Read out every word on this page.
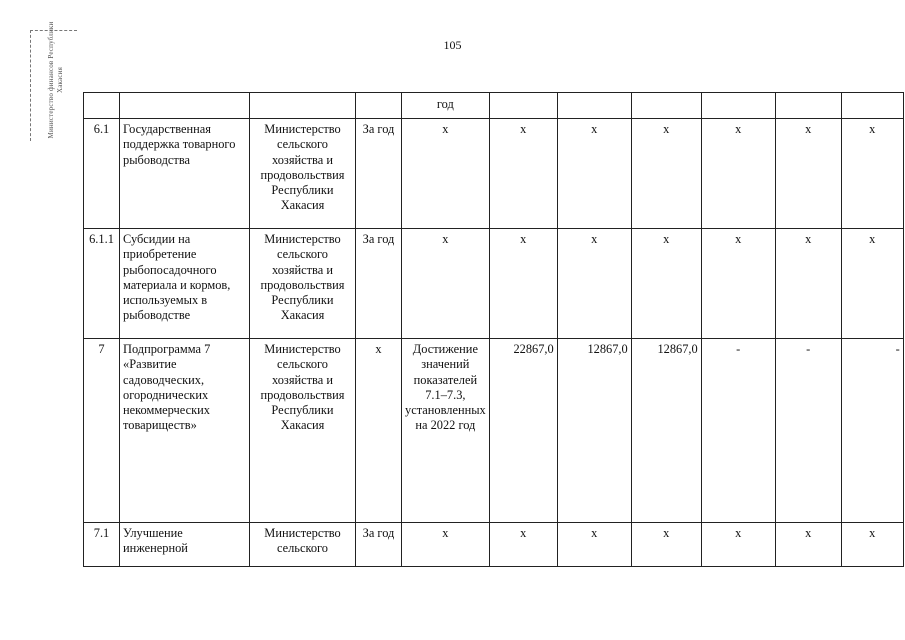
105
Министерство финансов Республики Хакасия
				год						
6.1	Государственная поддержка товарного рыбоводства	Министерство сельского хозяйства и продовольствия Республики Хакасия	За год	х	х	х	х	х	х	х
6.1.1	Субсидии на приобретение рыбопосадочного материала и кормов, используемых в рыбоводстве	Министерство сельского хозяйства и продовольствия Республики Хакасия	За год	х	х	х	х	х	х	х
7	Подпрограмма 7 «Развитие садоводческих, огороднических некоммерческих товариществ»	Министерство сельского хозяйства и продовольствия Республики Хакасия	х	Достижение значений показателей 7.1–7.3, установленных на 2022 год	22867,0	12867,0	12867,0	-	-	-
7.1	Улучшение инженерной	Министерство сельского	За год	х	х	х	х	х	х	х
